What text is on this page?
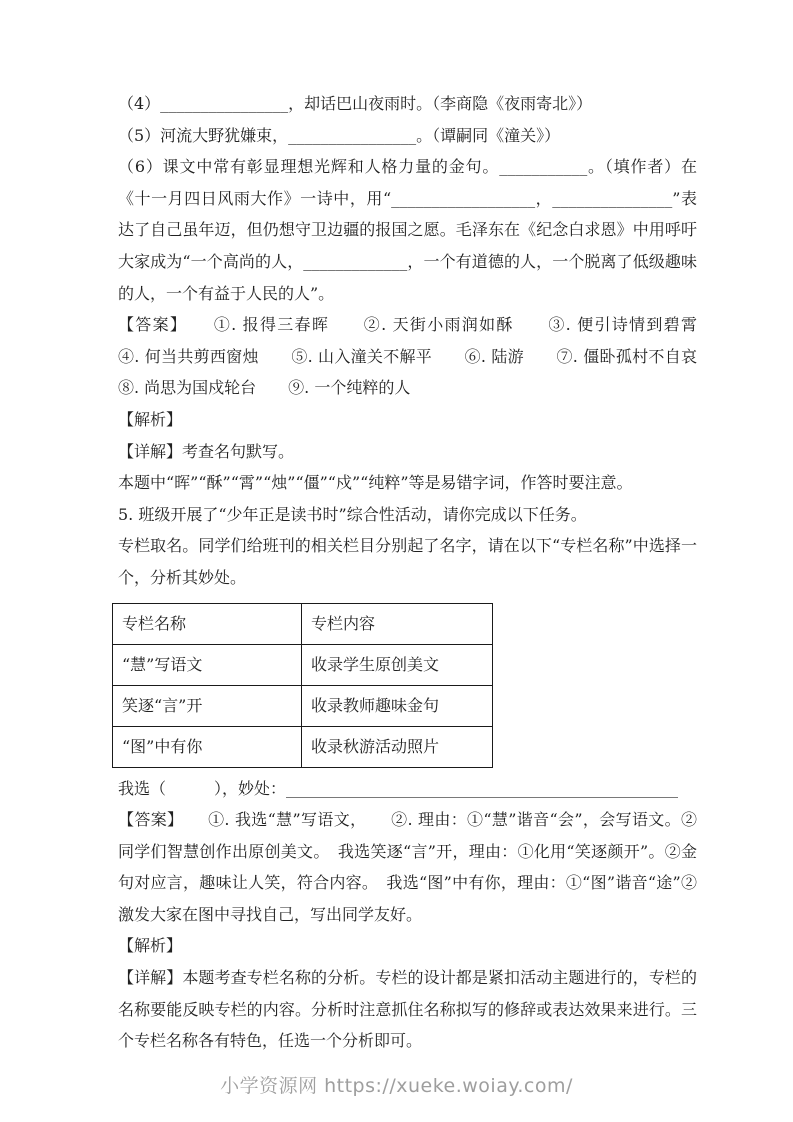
（4）________________，却话巴山夜雨时。（李商隐《夜雨寄北》）

（5）河流大野犹嫌束，________________。（谭嗣同《潼关》）

（6）课文中常有彰显理想光辉和人格力量的金句。___________。（填作者）在《十一月四日风雨大作》一诗中，用“__________________，_______________”表达了自己虽年迈，但仍想守卫边疆的报国之愿。毛泽东在《纪念白求恩》中用呼吁大家成为“一个高尚的人，_____________，一个有道德的人，一个脱离了低级趣味的人，一个有益于人民的人”。

【答案】　　①. 报得三春晖　　②. 天街小雨润如酥　　③. 便引诗情到碧霄　　④. 何当共剪西窗烛　　⑤. 山入潼关不解平　　⑥. 陆游　　⑦. 僵卧孤村不自哀　　⑧. 尚思为国戍轮台　　⑨. 一个纯粹的人

【解析】

【详解】考查名句默写。

本题中“晖”“酥”“霄”“烛”“僵”“戍”“纯粹”等是易错字词，作答时要注意。

5. 班级开展了“少年正是读书时”综合性活动，请你完成以下任务。

专栏取名。同学们给班刊的相关栏目分别起了名字，请在以下“专栏名称”中选择一个，分析其妙处。

专栏名称	专栏内容
“慧”写语文	收录学生原创美文
笑逐“言”开	收录教师趣味金句
“图”中有你	收录秋游活动照片

我选（　　　），妙处：_________________________________________________

【答案】　　①. 我选“慧”写语文，　　②. 理由：①“慧”谐音“会”，会写语文。②同学们智慧创作出原创美文。　我选笑逐“言”开，理由：①化用“笑逐颜开”。②金句对应言，趣味让人笑，符合内容。　我选“图”中有你，理由：①“图”谐音“途”②激发大家在图中寻找自己，写出同学友好。

【解析】

【详解】本题考查专栏名称的分析。专栏的设计都是紧扣活动主题进行的，专栏的名称要能反映专栏的内容。分析时注意抓住名称拟写的修辞或表达效果来进行。三个专栏名称各有特色，任选一个分析即可。

小学资源网 https://xueke.woiay.com/
